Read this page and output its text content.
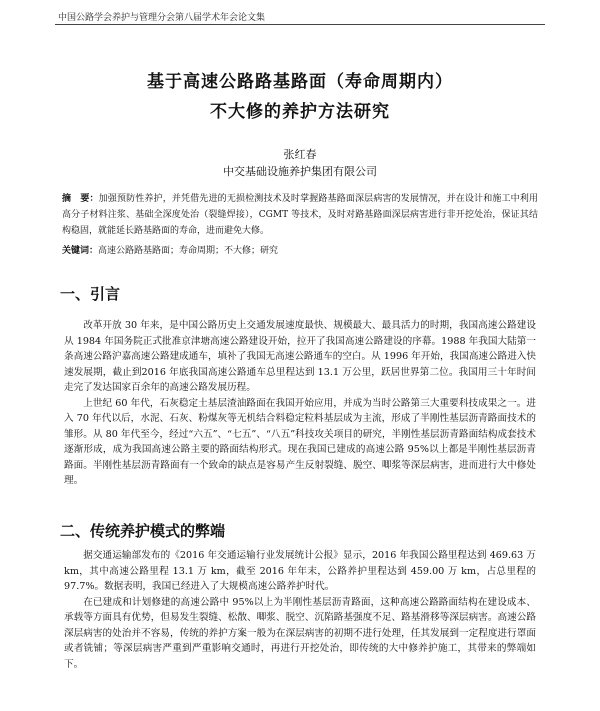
中国公路学会养护与管理分会第八届学术年会论文集
基于高速公路路基路面（寿命周期内）
不大修的养护方法研究
张红春
中交基础设施养护集团有限公司
摘　要：加强预防性养护，并凭借先进的无损检测技术及时掌握路基路面深层病害的发展情况，并在设计和施工中利用高分子材料注浆、基础全深度处治（裂缝焊接），CGMT 等技术，及时对路基路面深层病害进行非开挖处治，保证其结构稳固，就能延长路基路面的寿命，进而避免大修。
关键词：高速公路路基路面；寿命周期；不大修；研究
一、引言

改革开放 30 年来，是中国公路历史上交通发展速度最快、规模最大、最具活力的时期，我国高速公路建设从 1984 年国务院正式批准京津塘高速公路建设开始，拉开了我国高速公路建设的序幕。1988 年我国大陆第一条高速公路沪嘉高速公路建成通车，填补了我国无高速公路通车的空白。从 1996 年开始，我国高速公路进入快速发展期，截止到2016 年底我国高速公路通车总里程达到 13.1 万公里，跃居世界第二位。我国用三十年时间走完了发达国家百余年的高速公路发展历程。

上世纪 60 年代，石灰稳定土基层渣油路面在我国开始应用，并成为当时公路第三大重要科技成果之一。进入 70 年代以后，水泥、石灰、粉煤灰等无机结合料稳定粒料基层成为主流，形成了半刚性基层沥青路面技术的雏形。从 80 年代至今，经过“六五”、“七五”、“八五”科技攻关项目的研究，半刚性基层沥青路面结构成套技术逐渐形成，成为我国高速公路主要的路面结构形式。现在我国已建成的高速公路 95%以上都是半刚性基层沥青路面。半刚性基层沥青路面有一个致命的缺点是容易产生反射裂缝、脱空、唧浆等深层病害，进而进行大中修处理。

二、传统养护模式的弊端

据交通运输部发布的《2016 年交通运输行业发展统计公报》显示，2016 年我国公路里程达到 469.63 万 km，其中高速公路里程 13.1 万 km，截至 2016 年年末，公路养护里程达到 459.00 万 km，占总里程的 97.7%。数据表明，我国已经进入了大规模高速公路养护时代。

在已建成和计划修建的高速公路中 95%以上为半刚性基层沥青路面，这种高速公路路面结构在建设成本、承载等方面具有优势，但易发生裂缝、松散、唧浆、脱空、沉陷路基强度不足、路基滑移等深层病害。高速公路深层病害的处治并不容易，传统的养护方案一般为在深层病害的初期不进行处理，任其发展到一定程度进行罩面或者铣铺；等深层病害严重到严重影响交通时，再进行开挖处治，即传统的大中修养护施工，其带来的弊端如下。
